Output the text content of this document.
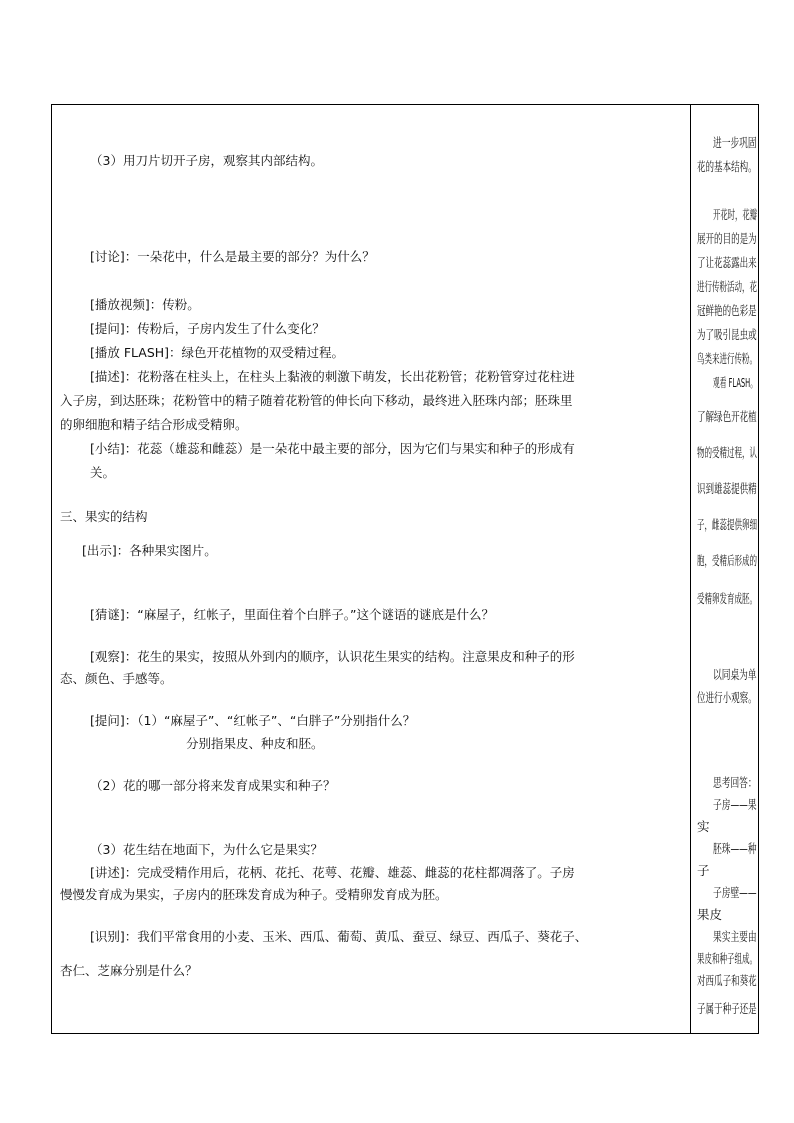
（3）用刀片切开子房，观察其内部结构。
[讨论]：一朵花中，什么是最主要的部分？为什么？
[播放视频]：传粉。
[提问]：传粉后，子房内发生了什么变化？
[播放 FLASH]：绿色开花植物的双受精过程。
[描述]：花粉落在柱头上，在柱头上黏液的刺激下萌发，长出花粉管；花粉管穿过花柱进
入子房，到达胚珠；花粉管中的精子随着花粉管的伸长向下移动，最终进入胚珠内部；胚珠里
的卵细胞和精子结合形成受精卵。
[小结]：花蕊（雄蕊和雌蕊）是一朵花中最主要的部分，因为它们与果实和种子的形成有
关。
三、果实的结构
[出示]：各种果实图片。
[猜谜]：“麻屋子，红帐子，里面住着个白胖子。”这个谜语的谜底是什么？
[观察]：花生的果实，按照从外到内的顺序，认识花生果实的结构。注意果皮和种子的形
态、颜色、手感等。
[提问]：（1）“麻屋子”、“红帐子”、“白胖子”分别指什么？
分别指果皮、种皮和胚。
（2）花的哪一部分将来发育成果实和种子？
（3）花生结在地面下，为什么它是果实？
[讲述]：完成受精作用后，花柄、花托、花萼、花瓣、雄蕊、雌蕊的花柱都凋落了。子房
慢慢发育成为果实，子房内的胚珠发育成为种子。受精卵发育成为胚。
[识别]：我们平常食用的小麦、玉米、西瓜、葡萄、黄瓜、蚕豆、绿豆、西瓜子、葵花子、
杏仁、芝麻分别是什么？
进一步巩固
花的基本结构。
开花时，花瓣
展开的目的是为
了让花蕊露出来
进行传粉活动，花
冠鲜艳的色彩是
为了吸引昆虫或
鸟类来进行传粉。
观看 FLASH。
了解绿色开花植
物的受精过程，认
识到雄蕊提供精
子，雌蕊提供卵细
胞，受精后形成的
受精卵发育成胚。
以同桌为单
位进行小观察。
思考回答：
子房——果
实
胚珠——种
子
子房壁——
果皮
果实主要由
果皮和种子组成。
对西瓜子和葵花
子属于种子还是
